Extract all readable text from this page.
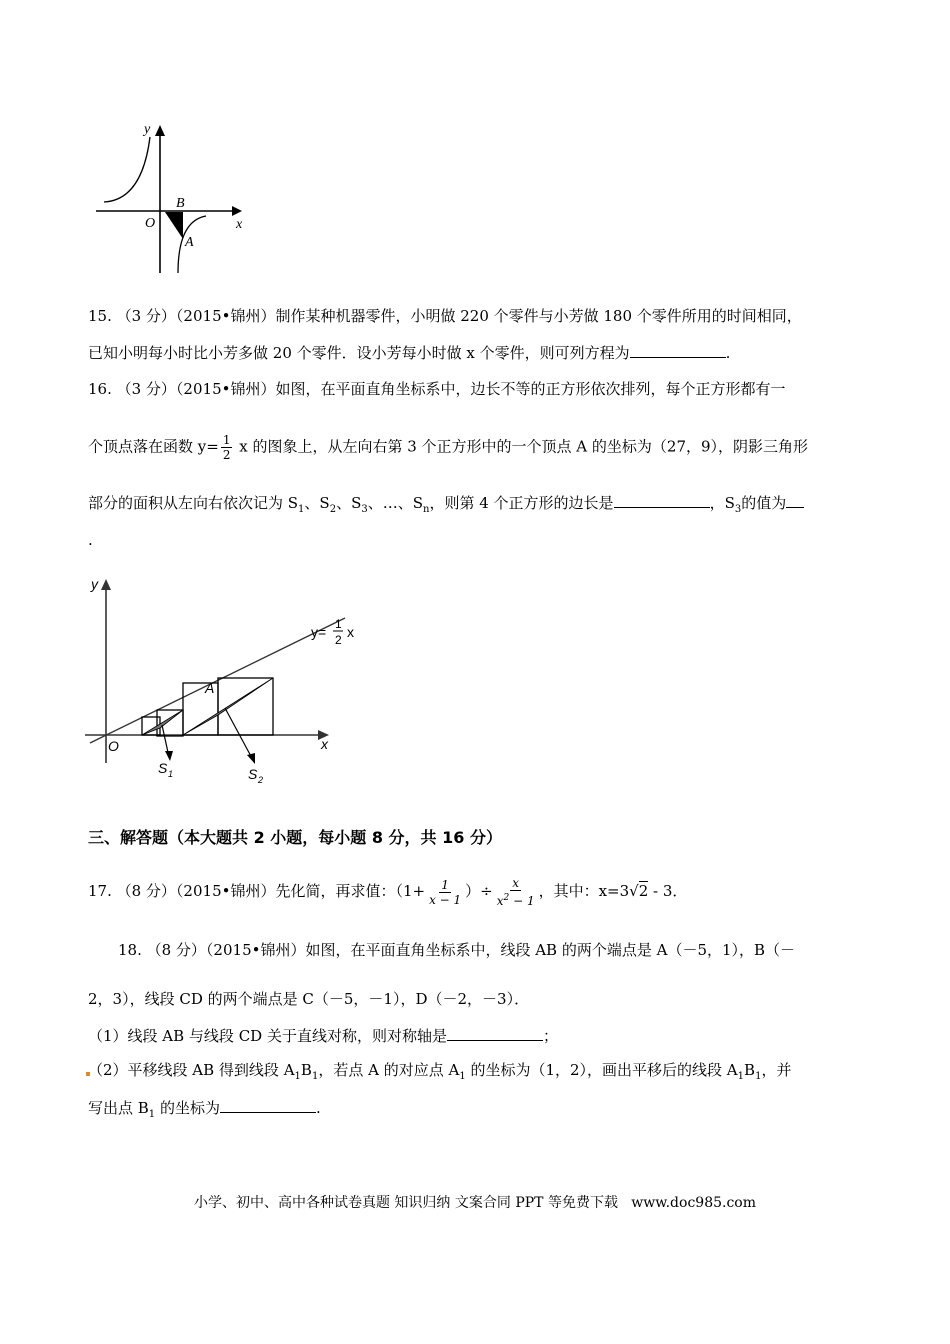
y
x
O
B
A
15. （3 分）（2015•锦州）制作某种机器零件，小明做 220 个零件与小芳做 180 个零件所用的时间相同，
已知小明每小时比小芳多做 20 个零件．设小芳每小时做 x 个零件，则可列方程为	.
16. （3 分）（2015•锦州）如图，在平面直角坐标系中，边长不等的正方形依次排列，每个正方形都有一
个顶点落在函数 $y= \frac{1}{2}$ x 的图象上，从左向右第 3 个正方形中的一个顶点 A 的坐标为（27，9），阴影三角形
部分的面积从左向右依次记为 $S_1$、$S_2$、$S_3$、…、$S_n$，则第 4 个正方形的边长是	，$S_3$的值为
.
y
x
O
A
S 1	S 2
y= 1
2 x
三、解答题（本大题共 2 小题，每小题 8 分，共 16 分）
17. （8 分）（2015•锦州）先化简，再求值：（$1+ \frac{1}{x - 1}$ ）÷ $\frac{x}{x^2 - 1}$ ，其中：x=3√2 - 3．
18. （8 分）（2015•锦州）如图，在平面直角坐标系中，线段 AB 的两个端点是 A（－5，1），B（－
2，3），线段 CD 的两个端点是 C（－5，－1），D（－2，－3）．
（1）线段 AB 与线段 CD 关于直线对称，则对称轴是	；
（2）平移线段 AB 得到线段 $A_1B_1$，若点 A 的对应点 $A_1$ 的坐标为（1，2），画出平移后的线段 $A_1B_1$，并
写出点 $B_1$ 的坐标为	.
小学、初中、高中各种试卷真题 知识归纳 文案合同 PPT 等免费下载   www.doc985.com
